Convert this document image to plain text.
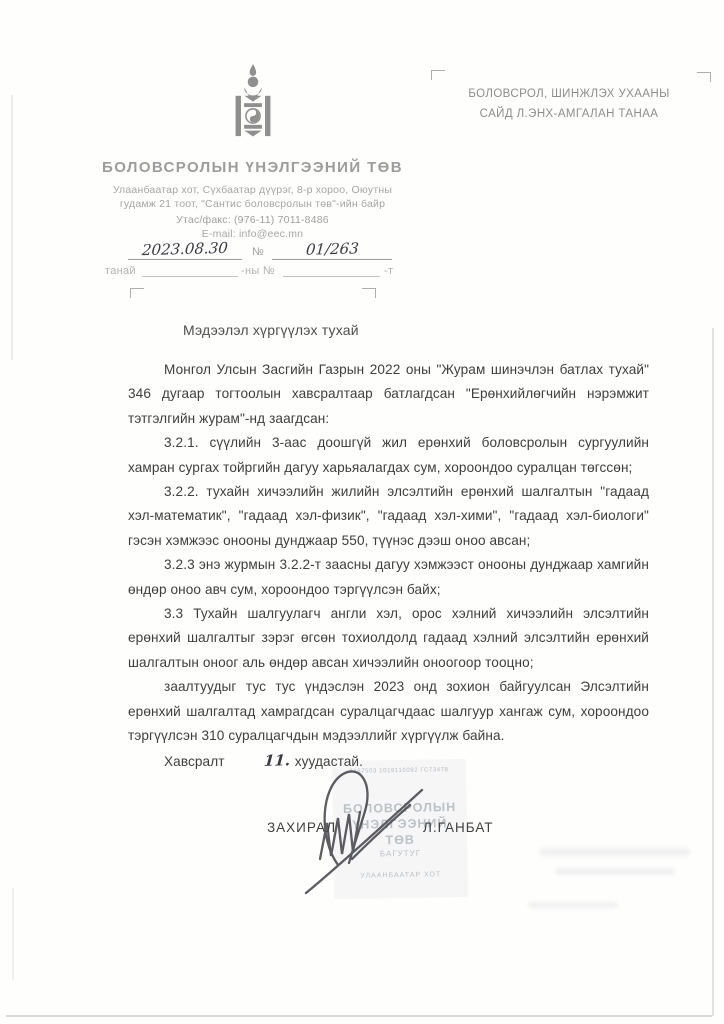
БОЛОВСРОЛЫН ҮНЭЛГЭЭНИЙ ТӨВ
Улаанбаатар хот, Сүхбаатар дүүрэг, 8-р хороо, Оюутны
гудамж 21 тоот, "Сантис боловсролын төв"-ийн байр
Утас/факс: (976-11) 7011-8486
E-mail: info@eec.mn
БОЛОВСРОЛ, ШИНЖЛЭХ УХААНЫ
САЙД Л.ЭНХ-АМГАЛАН ТАНАА
2023.08.30	№	01/263
танай	-ны №	-т
Мэдээлэл хүргүүлэх тухай

Монгол Улсын Засгийн Газрын 2022 оны "Журам шинэчлэн батлах тухай" 346 дугаар тогтоолын хавсралтаар батлагдсан "Ерөнхийлөгчийн нэрэмжит тэтгэлгийн журам"-нд заагдсан:

3.2.1. сүүлийн 3-аас доошгүй жил ерөнхий боловсролын сургуулийн хамран сургах тойргийн дагуу харьяалагдах сум, хороондоо суралцан төгссөн;

3.2.2. тухайн хичээлийн жилийн элсэлтийн ерөнхий шалгалтын "гадаад хэл-математик", "гадаад хэл-физик", "гадаад хэл-хими", "гадаад хэл-биологи" гэсэн хэмжээс онооны дунджаар 550, түүнэс дээш оноо авсан;

3.2.3 энэ журмын 3.2.2-т заасны дагуу хэмжээст онооны дунджаар хамгийн өндөр оноо авч сум, хороондоо тэргүүлсэн байх;

3.3 Тухайн шалгуулагч англи хэл, орос хэлний хичээлийн элсэлтийн ерөнхий шалгалтыг зэрэг өгсөн тохиолдолд гадаад хэлний элсэлтийн ерөнхий шалгалтын оноог аль өндөр авсан хичээлийн оноогоор тооцно;

заалтуудыг тус тус үндэслэн 2023 онд зохион байгуулсан Элсэлтийн ерөнхий шалгалтад хамрагдсан суралцагчдаас шалгуур хангаж сум, хороондоо тэргүүлсэн 310 суралцагчдын мэдээллийг хүргүүлж байна.

Хавсралт	11. хуудастай.

7167503 1019110092 ГС73478
БОЛОВСРОЛЫН
ҮНЭЛГЭЭНИЙ
ТӨВ
БАГУТУГ
УЛААНБААТАР ХОТ
ЗАХИРАЛ	Л.ГАНБАТ
